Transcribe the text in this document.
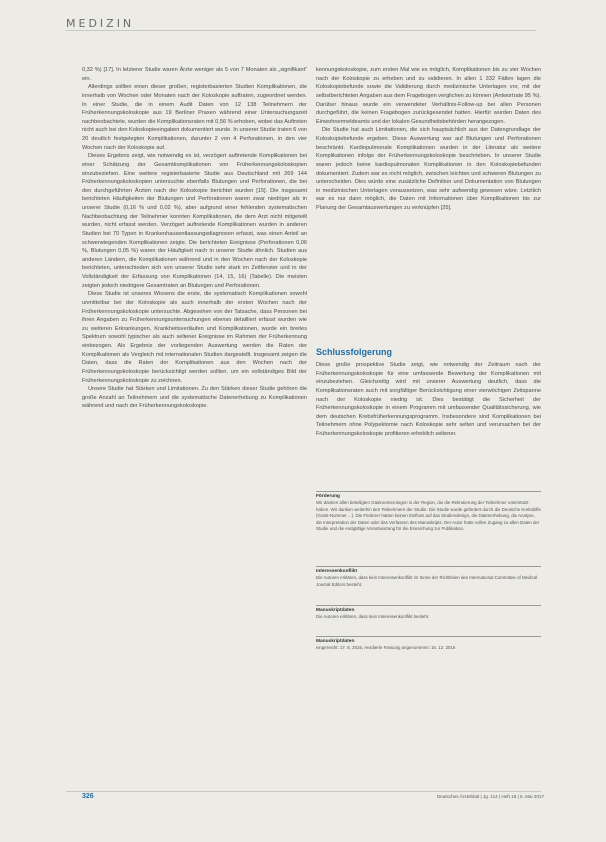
MEDIZIN

0,32 %) [17]. In letzterer Studie waren Ärzte weniger als 5 von 7 Monaten als „signifikant“ ein.

Allerdings sollten einen dieser großen, registerbasierten Studien Komplikationen, die innerhalb von Wochen oder Monaten nach der Koloskopie auftraten, zugeordnet werden. In einer Studie, die in einem Audit Daten von 12 138 Teilnehmern der Früherkennungskoloskopie aus 19 Berliner Praxen während einer Untersuchungszeit nachbeobachtete, wurden die Komplikationsraten mit 0,56 % erhoben, wobei das Auftreten nicht auch bei den Koloskopieeingaben dokumentiert wurde. In unserer Studie traten 6 von 20 deutlich festgelegten Komplikationen, darunter 2 von 4 Perforationen, in den vier Wochen nach der Koloskopie auf.

Dieses Ergebnis zeigt, wie notwendig es ist, verzögert auftretende Komplikationen bei einer Schätzung der Gesamtkomplikationen von Früherkennungskoloskopien einzubeziehen. Eine weitere registerbasierte Studie aus Deutschland mit 269 144 Früherkennungskoloskopien untersuchte ebenfalls Blutungen und Perforationen, die bei den durchgeführten Ärzten nach der Koloskopie berichtet wurden [15]. Die insgesamt berichteten Häufigkeiten der Blutungen und Perforationen waren zwar niedriger als in unserer Studie (0,16 % und 0,02 %), aber aufgrund einer fehlenden systematischen Nachbeobachtung der Teilnehmer konnten Komplikationen, die dem Arzt nicht mitgeteilt wurden, nicht erfasst werden. Verzögert auftretende Komplikationen wurden in anderen Studien bei 70 Typen in Krankenhausentlassungsdiagnosen erfasst, was einen Anteil an schwerwiegenden Komplikationen zeigte. Die berichteten Ereignisse (Perforationen 0,06 %, Blutungen 0,05 %) waren der Häufigkeit nach in unserer Studie ähnlich. Studien aus anderen Ländern, die Komplikationen während und in den Wochen nach der Koloskopie berichteten, unterschieden sich von unserer Studie sehr stark im Zeitfenster und in der Vollständigkeit der Erfassung von Komplikationen (14, 15, 16) (Tabelle). Die meisten zeigten jedoch niedrigere Gesamtraten an Blutungen und Perforationen.

Diese Studie ist unseres Wissens die erste, die systematisch Komplikationen sowohl unmittelbar bei der Koloskopie als auch innerhalb der ersten Wochen nach der Früherkennungskoloskopie untersuchte. Abgesehen von der Tatsache, dass Personen bei ihren Angaben zu Früherkennungsuntersuchungen ebenso detailliert erfasst wurden wie zu weiteren Erkrankungen, Krankheitsverläufen und Komplikationen, wurde ein breites Spektrum sowohl typischer als auch seltener Ereignisse im Rahmen der Früherkennung einbezogen. Als Ergebnis der vorliegenden Auswertung werden die Raten der Komplikationen als Vergleich mit internationalen Studien dargestellt. Insgesamt zeigen die Daten, dass die Raten der Komplikationen aus den Wochen nach der Früherkennungskoloskopie berücksichtigt werden sollten, um ein vollständiges Bild der Früherkennungskoloskopie zu zeichnen.

Unsere Studie hat Stärken und Limitationen. Zu den Stärken dieser Studie gehören die große Anzahl an Teilnehmern und die systematische Datenerhebung zu Komplikationen während und nach der Früherkennungskoloskopie.

kennungskoloskopie, zum ersten Mal wie es möglich, Komplikationen bis zu vier Wochen nach der Koloskopie zu erheben und zu validieren. In allen 1 332 Fällen lagen die Koloskopiebefunde sowie die Validierung durch medizinische Unterlagen vor, mit der selbstberichteten Angaben aus dem Fragebogen verglichen zu können (Antwortrate 95 %). Darüber hinaus wurde ein verwendeter Verhältnis-Follow-up bei allen Personen durchgeführt, die keinen Fragebogen zurückgesendet hatten. Hierfür wurden Daten des Einwohnermeldeamts und der lokalen Gesundheitsbehörden herangezogen.

Die Studie hat auch Limitationen, die sich hauptsächlich aus der Datengrundlage der Koloskopiebefunde ergeben. Diese Auswertung war auf Blutungen und Perforationen beschränkt. Kardiopulmonale Komplikationen wurden in der Literatur als weitere Komplikationen infolge der Früherkennungskoloskopie beschrieben. In unserer Studie waren jedoch keine kardiopulmonalen Komplikationen in den Koloskopiebefunden dokumentiert. Zudem war es nicht möglich, zwischen leichten und schweren Blutungen zu unterscheiden. Dies würde eine zusätzliche Definition und Dokumentation von Blutungen in medizinischen Unterlagen voraussetzen, was sehr aufwendig gewesen wäre. Letztlich war es nur dann möglich, die Daten mit Informationen über Komplikationen bis zur Planung der Gesamtauswertungen zu verknüpfen [25].

Schlussfolgerung

Diese große prospektive Studie zeigt, wie notwendig der Zeitraum nach der Früherkennungskoloskopie für eine umfassende Bewertung der Komplikationen mit einzubeziehen. Gleichzeitig wird mit unserer Auswertung deutlich, dass die Komplikationsraten auch mit sorgfältiger Berücksichtigung einer vierwöchigen Zeitspanne nach der Koloskopie niedrig ist. Dies bestätigt die Sicherheit der Früherkennungskoloskopie in einem Programm mit umfassender Qualitätssicherung, wie dem deutschen Krebsfrüherkennungsprogramm. Insbesondere sind Komplikationen bei Teilnehmern ohne Polypektomie nach Koloskopie sehr selten und verursachen bei der Früherkennungskoloskopie profitieren erheblich seltener.

Förderung
Wir danken allen beteiligten Gastroenterologen in der Region, die die Rekrutierung der Teilnehmer unterstützt haben. Wir danken weiterhin den Teilnehmern der Studie. Die Studie wurde gefördert durch die Deutsche Krebshilfe (Grant-Nummer ...). Die Förderer hatten keinen Einfluss auf das Studiendesign, die Datenerhebung, die Analyse, die Interpretation der Daten oder das Verfassen des Manuskripts. Der Autor hatte vollen Zugang zu allen Daten der Studie und die endgültige Verantwortung für die Einreichung zur Publikation.
Interessenkonflikt
Die Autoren erklären, dass kein Interessenkonflikt im Sinne der Richtlinien des International Committee of Medical Journal Editors besteht.
Manuskriptdaten
Die Autoren erklären, dass kein Interessenkonflikt besteht.
Manuskriptdaten
eingereicht: 17. 8. 2016, revidierte Fassung angenommen: 15. 12. 2016
326	Deutsches Ärzteblatt | Jg. 114 | Heft 18 | 5. Mai 2017
